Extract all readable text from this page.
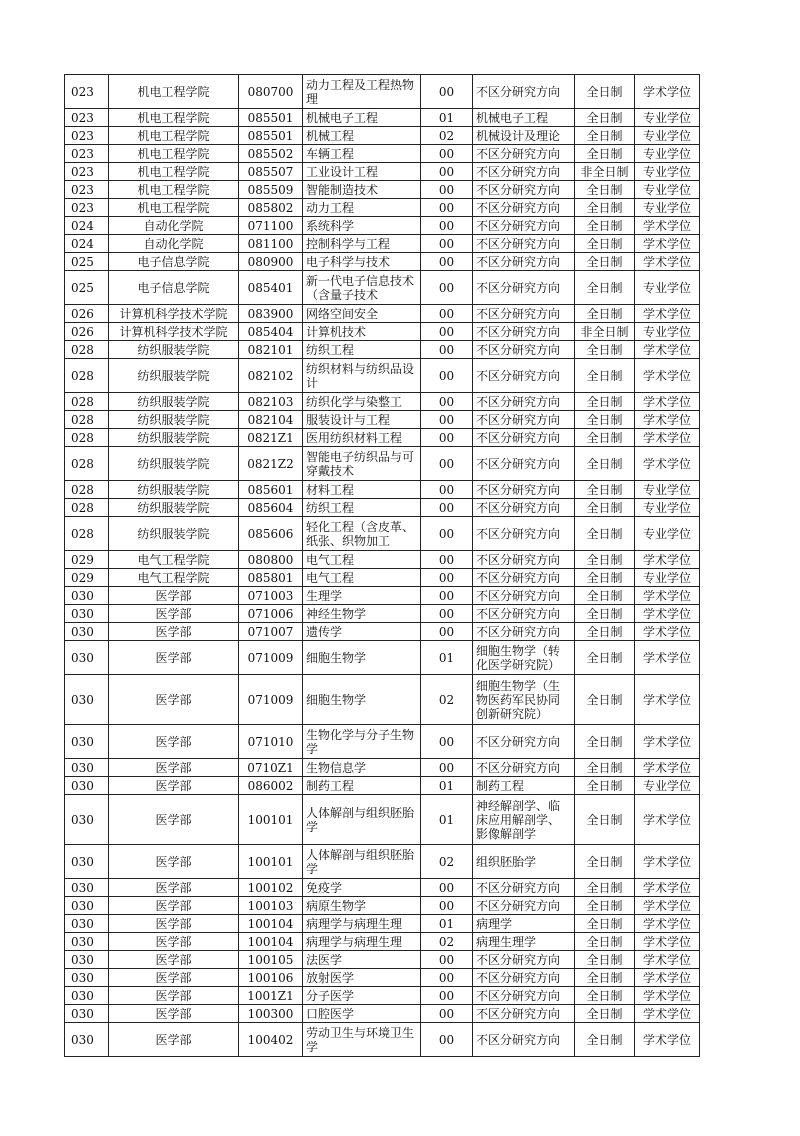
023	机电工程学院	080700	动力工程及工程热物理	00	不区分研究方向	全日制	学术学位
023	机电工程学院	085501	机械电子工程	01	机械电子工程	全日制	专业学位
023	机电工程学院	085501	机械工程	02	机械设计及理论	全日制	专业学位
023	机电工程学院	085502	车辆工程	00	不区分研究方向	全日制	专业学位
023	机电工程学院	085507	工业设计工程	00	不区分研究方向	非全日制	专业学位
023	机电工程学院	085509	智能制造技术	00	不区分研究方向	全日制	专业学位
023	机电工程学院	085802	动力工程	00	不区分研究方向	全日制	专业学位
024	自动化学院	071100	系统科学	00	不区分研究方向	全日制	学术学位
024	自动化学院	081100	控制科学与工程	00	不区分研究方向	全日制	学术学位
025	电子信息学院	080900	电子科学与技术	00	不区分研究方向	全日制	学术学位
025	电子信息学院	085401	新一代电子信息技术（含量子技术	00	不区分研究方向	全日制	专业学位
026	计算机科学技术学院	083900	网络空间安全	00	不区分研究方向	全日制	学术学位
026	计算机科学技术学院	085404	计算机技术	00	不区分研究方向	非全日制	专业学位
028	纺织服装学院	082101	纺织工程	00	不区分研究方向	全日制	学术学位
028	纺织服装学院	082102	纺织材料与纺织品设计	00	不区分研究方向	全日制	学术学位
028	纺织服装学院	082103	纺织化学与染整工	00	不区分研究方向	全日制	学术学位
028	纺织服装学院	082104	服装设计与工程	00	不区分研究方向	全日制	学术学位
028	纺织服装学院	0821Z1	医用纺织材料工程	00	不区分研究方向	全日制	学术学位
028	纺织服装学院	0821Z2	智能电子纺织品与可穿戴技术	00	不区分研究方向	全日制	学术学位
028	纺织服装学院	085601	材料工程	00	不区分研究方向	全日制	专业学位
028	纺织服装学院	085604	纺织工程	00	不区分研究方向	全日制	专业学位
028	纺织服装学院	085606	轻化工程（含皮革、纸张、织物加工	00	不区分研究方向	全日制	专业学位
029	电气工程学院	080800	电气工程	00	不区分研究方向	全日制	学术学位
029	电气工程学院	085801	电气工程	00	不区分研究方向	全日制	专业学位
030	医学部	071003	生理学	00	不区分研究方向	全日制	学术学位
030	医学部	071006	神经生物学	00	不区分研究方向	全日制	学术学位
030	医学部	071007	遗传学	00	不区分研究方向	全日制	学术学位
030	医学部	071009	细胞生物学	01	细胞生物学（转化医学研究院）	全日制	学术学位
030	医学部	071009	细胞生物学	02	细胞生物学（生物医药军民协同创新研究院）	全日制	学术学位
030	医学部	071010	生物化学与分子生物学	00	不区分研究方向	全日制	学术学位
030	医学部	0710Z1	生物信息学	00	不区分研究方向	全日制	学术学位
030	医学部	086002	制药工程	01	制药工程	全日制	专业学位
030	医学部	100101	人体解剖与组织胚胎学	01	神经解剖学、临床应用解剖学、影像解剖学	全日制	学术学位
030	医学部	100101	人体解剖与组织胚胎学	02	组织胚胎学	全日制	学术学位
030	医学部	100102	免疫学	00	不区分研究方向	全日制	学术学位
030	医学部	100103	病原生物学	00	不区分研究方向	全日制	学术学位
030	医学部	100104	病理学与病理生理	01	病理学	全日制	学术学位
030	医学部	100104	病理学与病理生理	02	病理生理学	全日制	学术学位
030	医学部	100105	法医学	00	不区分研究方向	全日制	学术学位
030	医学部	100106	放射医学	00	不区分研究方向	全日制	学术学位
030	医学部	1001Z1	分子医学	00	不区分研究方向	全日制	学术学位
030	医学部	100300	口腔医学	00	不区分研究方向	全日制	学术学位
030	医学部	100402	劳动卫生与环境卫生学	00	不区分研究方向	全日制	学术学位
